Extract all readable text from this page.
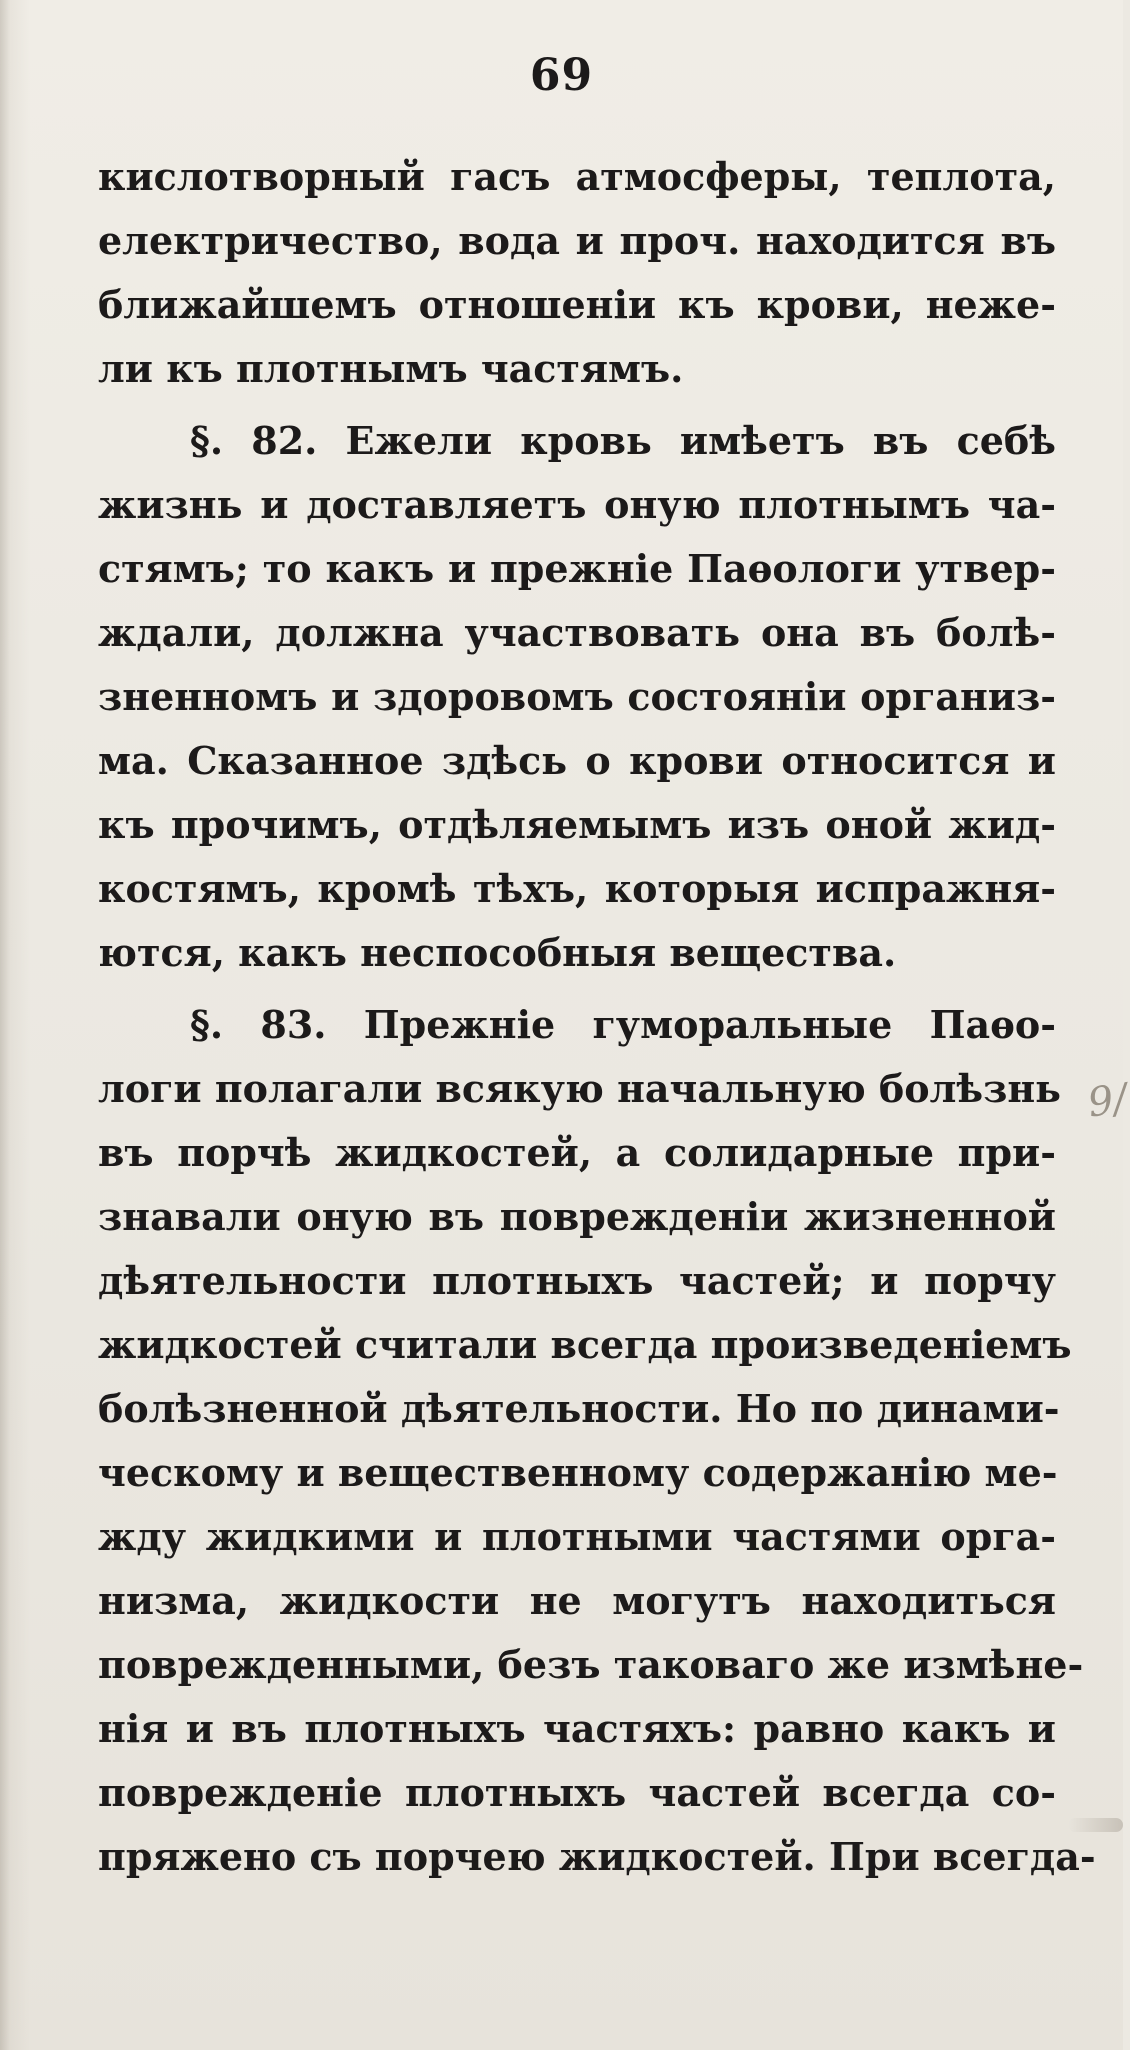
69
кислотворный гасъ атмосферы, теплота,
електричество, вода и проч. находится въ
ближайшемъ отношенiи къ крови, неже-
ли къ плотнымъ частямъ.
§. 82. Ежели кровь имѣетъ въ себѣ
жизнь и доставляетъ оную плотнымъ ча-
стямъ; то какъ и прежнiе Паѳологи утвер-
ждали, должна участвовать она въ болѣ-
зненномъ и здоровомъ состоянiи организ-
ма. Сказанное здѣсь о крови относится и
къ прочимъ, отдѣляемымъ изъ оной жид-
костямъ, кромѣ тѣхъ, которыя испражня-
ются, какъ неспособныя вещества.
§. 83. Прежнiе гуморальные Паѳо-
логи полагали всякую начальную болѣзнь
въ порчѣ жидкостей, а солидарные при-
знавали оную въ поврежденiи жизненной
дѣятельности плотныхъ частей; и порчу
жидкостей считали всегда произведенiемъ
болѣзненной дѣятельности. Но по динами-
ческому и вещественному содержанiю ме-
жду жидкими и плотными частями орга-
низма, жидкости не могутъ находиться
поврежденными, безъ таковаго же измѣне-
нiя и въ плотныхъ частяхъ: равно какъ и
поврежденiе плотныхъ частей всегда со-
пряжено съ порчею жидкостей. При всегда-
9/
